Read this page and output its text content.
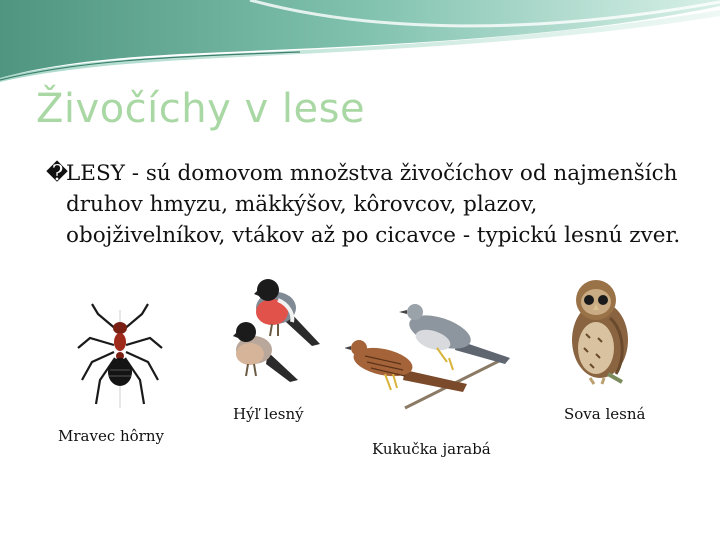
Živočíchy v lese
�
LESY - sú domovom množstva živočíchov od najmenších druhov hmyzu, mäkkýšov, kôrovcov, plazov, obojživelníkov, vtákov až po cicavce - typickú lesnú zver.
Mravec hôrny
Hýľ lesný
Kukučka jarabá
Sova lesná
